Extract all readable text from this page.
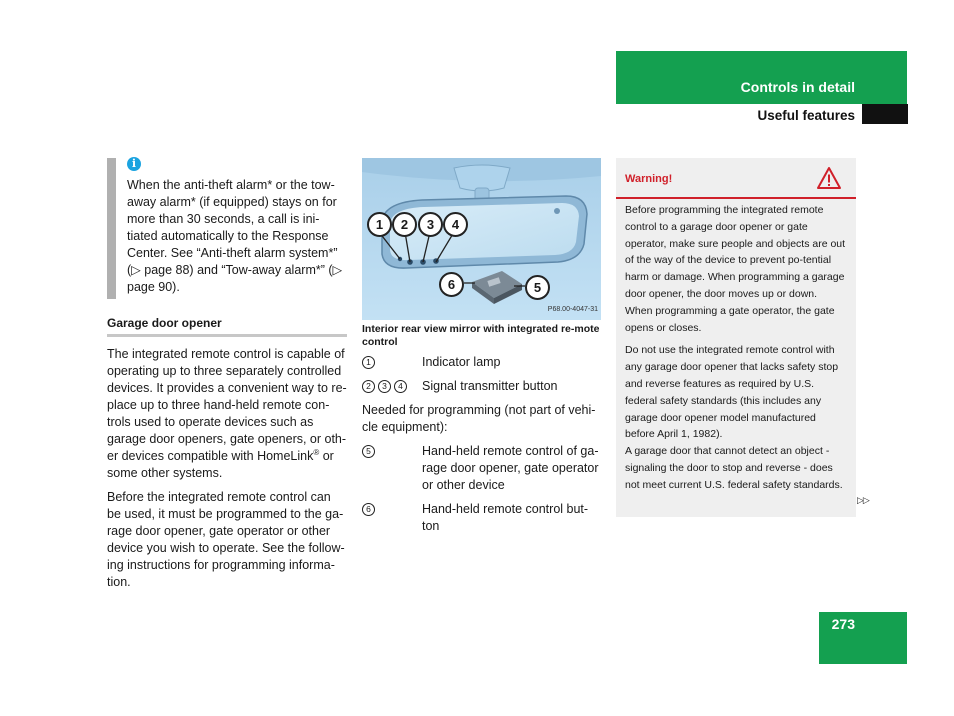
Controls in detail
Useful features
i

When the anti-theft alarm* or the tow-away alarm* (if equipped) stays on for more than 30 seconds, a call is ini-tiated automatically to the Response Center. See “Anti-theft alarm system*” (▷ page 88) and “Tow-away alarm*” (▷ page 90).

Garage door opener

The integrated remote control is capable of operating up to three separately controlled devices. It provides a convenient way to re-place up to three hand-held remote con-trols used to operate devices such as garage door openers, gate openers, or oth-er devices compatible with HomeLink® or some other systems.

Before the integrated remote control can be used, it must be programmed to the ga-rage door opener, gate operator or other device you wish to operate. See the follow-ing instructions for programming informa-tion.

1	2	3	4
5
6
P68.00-4047-31
Interior rear view mirror with integrated re-mote control
1	Indicator lamp
2 3 4	Signal transmitter button

Needed for programming (not part of vehi-cle equipment):

5	Hand-held remote control of ga-rage door opener, gate operator or other device
6	Hand-held remote control but-ton
Warning!

Before programming the integrated remote control to a garage door opener or gate operator, make sure people and objects are out of the way of the device to prevent po-tential harm or damage. When programming a garage door opener, the door moves up or down. When programming a gate operator, the gate opens or closes.

Do not use the integrated remote control with any garage door opener that lacks safety stop and reverse features as required by U.S. federal safety standards (this includes any garage door opener model manufactured before April 1, 1982).

A garage door that cannot detect an object - signaling the door to stop and reverse - does not meet current U.S. federal safety standards.

▷▷
273
